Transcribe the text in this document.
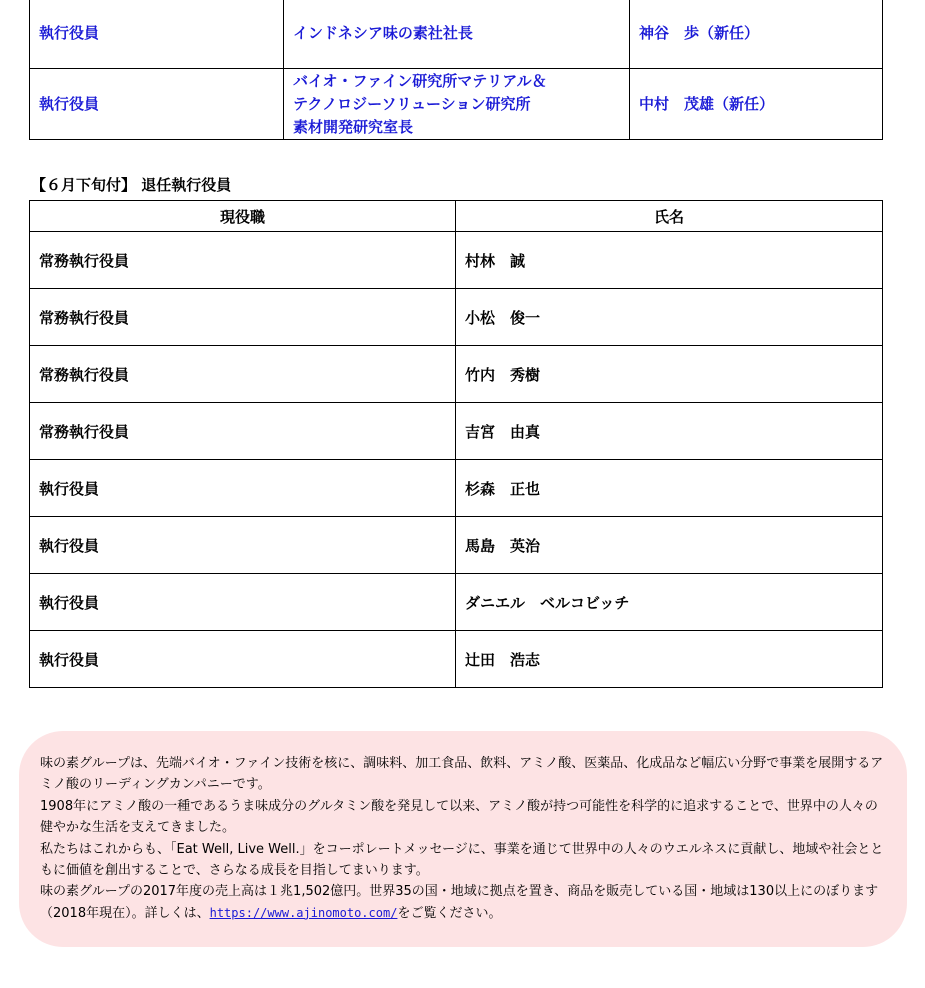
執行役員	インドネシア味の素社社長	神谷　歩（新任）
執行役員	バイオ・ファイン研究所マテリアル＆
テクノロジーソリューション研究所
素材開発研究室長	中村　茂雄（新任）
【６月下旬付】 退任執行役員
現役職	氏名
常務執行役員	村林　誠
常務執行役員	小松　俊一
常務執行役員	竹内　秀樹
常務執行役員	吉宮　由真
執行役員	杉森　正也
執行役員	馬島　英治
執行役員	ダニエル　ベルコビッチ
執行役員	辻田　浩志

味の素グループは、先端バイオ・ファイン技術を核に、調味料、加工食品、飲料、アミノ酸、医薬品、化成品など幅広い分野で事業を展開するアミノ酸のリーディングカンパニーです。

1908年にアミノ酸の一種であるうま味成分のグルタミン酸を発見して以来、アミノ酸が持つ可能性を科学的に追求することで、世界中の人々の健やかな生活を支えてきました。

私たちはこれからも、「Eat Well, Live Well.」をコーポレートメッセージに、事業を通じて世界中の人々のウエルネスに貢献し、地域や社会とともに価値を創出することで、さらなる成長を目指してまいります。

味の素グループの2017年度の売上高は１兆1,502億円。世界35の国・地域に拠点を置き、商品を販売している国・地域は130以上にのぼります（2018年現在）。詳しくは、https://www.ajinomoto.com/をご覧ください。
